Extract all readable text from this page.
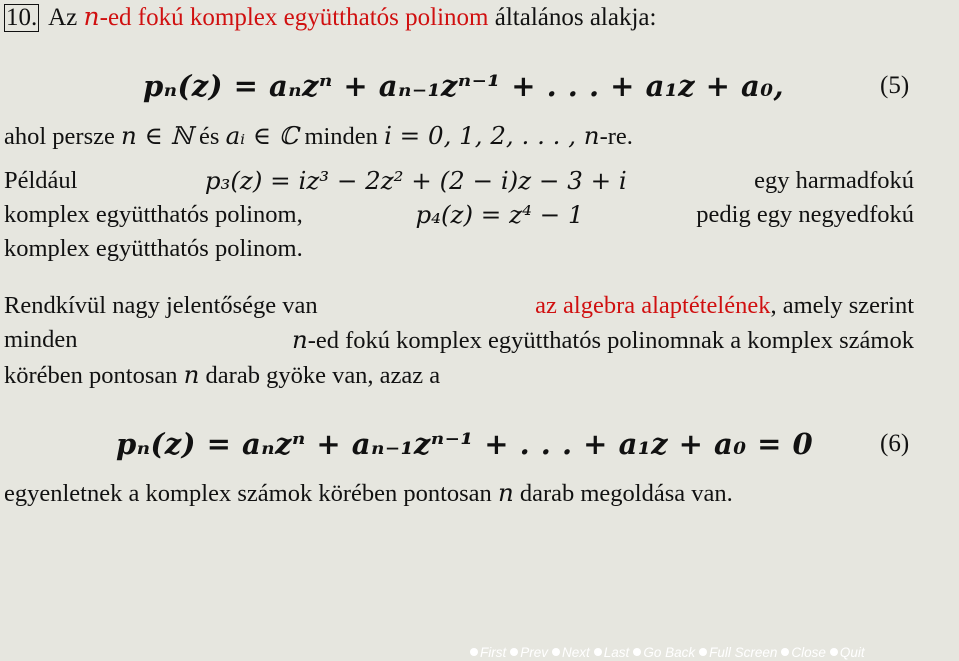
10. Az n-ed fokú komplex együtthatós polinom általános alakja:
pₙ(z) = aₙzⁿ + aₙ₋₁zⁿ⁻¹ + . . . + a₁z + a₀,	(5)
ahol persze n ∈ ℕ és aᵢ ∈ ℂ minden i = 0, 1, 2, . . . , n-re.
Például	p₃(z) = iz³ − 2z² + (2 − i)z − 3 + i	egy harmadfokú
komplex együtthatós polinom,	p₄(z) = z⁴ − 1	pedig egy negyedfokú
komplex együtthatós polinom.
Rendkívül nagy jelentősége van	az algebra alaptételének, amely szerint
minden	n-ed fokú komplex együtthatós polinomnak a komplex számok
körében pontosan n darab gyöke van, azaz a
pₙ(z) = aₙzⁿ + aₙ₋₁zⁿ⁻¹ + . . . + a₁z + a₀ = 0	(6)
egyenletnek a komplex számok körében pontosan n darab megoldása van.
First Prev Next Last Go Back Full Screen Close Quit
